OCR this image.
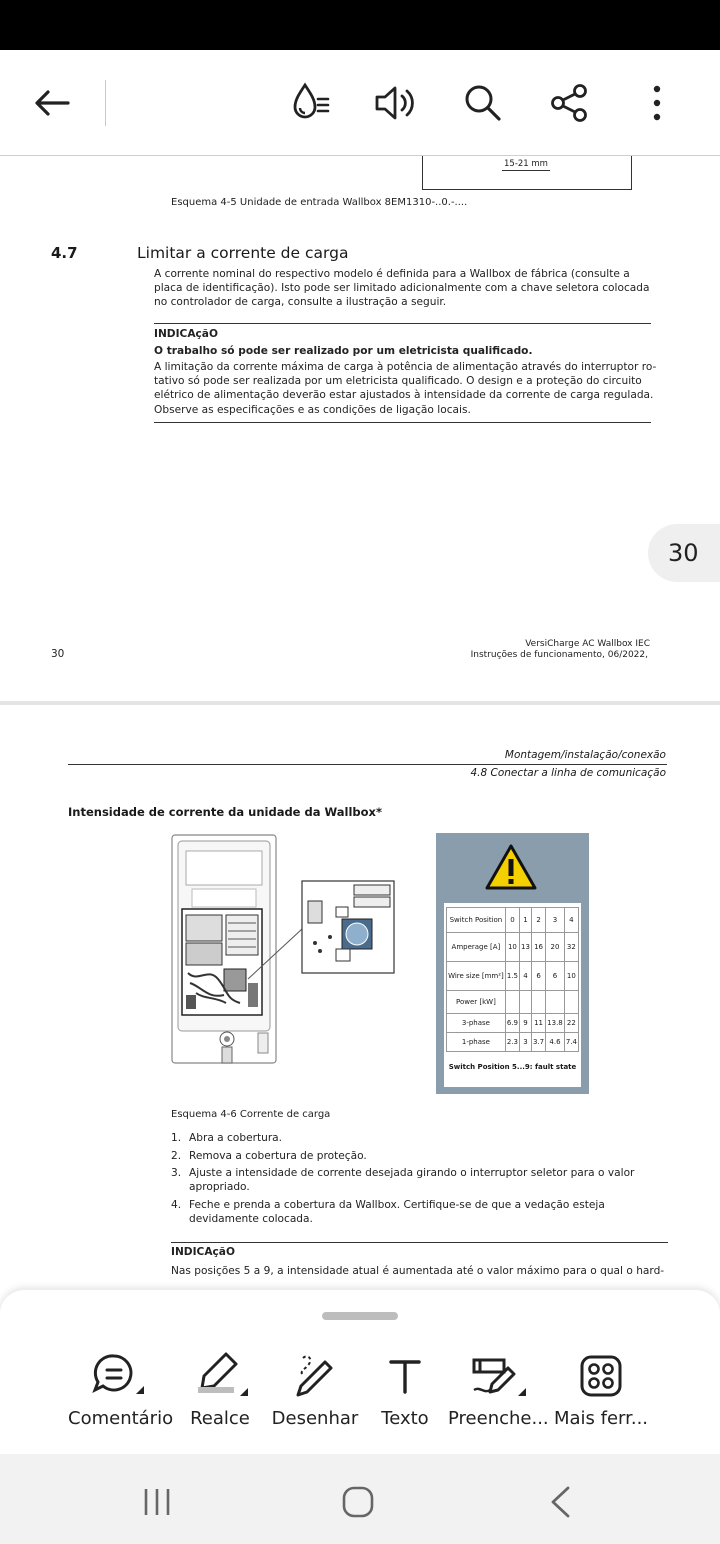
15-21 mm
Esquema 4-5 Unidade de entrada Wallbox 8EM1310-..0.-....
4.7	Limitar a corrente de carga
A corrente nominal do respectivo modelo é definida para a Wallbox de fábrica (consulte a
placa de identificação). Isto pode ser limitado adicionalmente com a chave seletora colocada
no controlador de carga, consulte a ilustração a seguir.
INDICAçãO
O trabalho só pode ser realizado por um eletricista qualificado.
A limitação da corrente máxima de carga à potência de alimentação através do interruptor ro-
tativo só pode ser realizada por um eletricista qualificado. O design e a proteção do circuito
elétrico de alimentação deverão estar ajustados à intensidade da corrente de carga regulada.
Observe as especificações e as condições de ligação locais.
30
VersiCharge AC Wallbox IEC
Instruções de funcionamento, 06/2022,
30
Montagem/instalação/conexão
4.8 Conectar a linha de comunicação
Intensidade de corrente da unidade da Wallbox*
Switch Position	0	1	2	3	4
Amperage [A]	10	13	16	20	32
Wire size [mm²]	1.5	4	6	6	10
Power [kW]					
3-phase	6.9	9	11	13.8	22
1-phase	2.3	3	3.7	4.6	7.4
Switch Position 5...9: fault state
Esquema 4-6 Corrente de carga
1. Abra a cobertura.
2. Remova a cobertura de proteção.
3. Ajuste a intensidade de corrente desejada girando o interruptor seletor para o valor
apropriado.
4. Feche e prenda a cobertura da Wallbox. Certifique-se de que a vedação esteja
devidamente colocada.
INDICAçãO
Nas posições 5 a 9, a intensidade atual é aumentada até o valor máximo para o qual o hard-
Comentário Realce	Desenhar	Texto	Preenche... Mais ferr...
